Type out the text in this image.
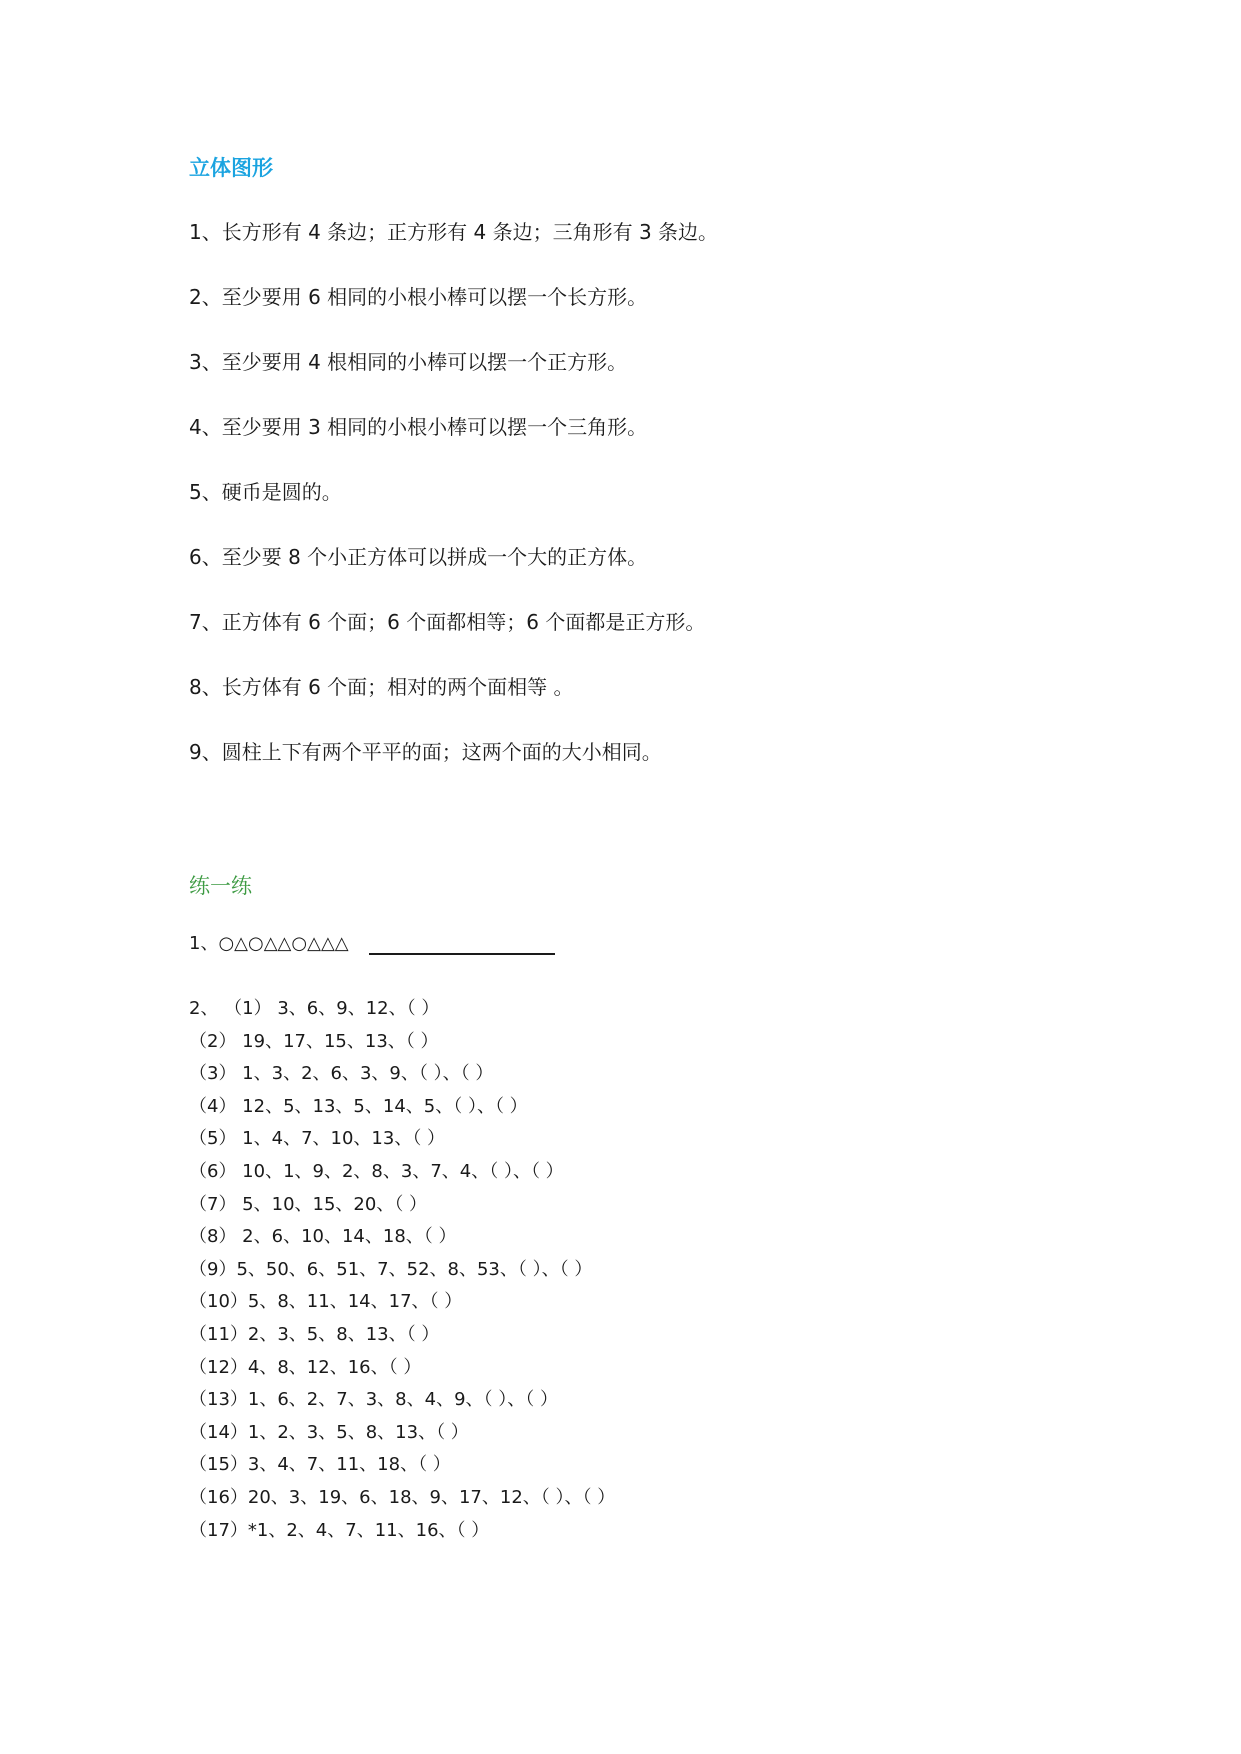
立体图形
1、长方形有 4 条边；正方形有 4 条边；三角形有 3 条边。
2、至少要用 6 相同的小根小棒可以摆一个长方形。
3、至少要用 4 根相同的小棒可以摆一个正方形。
4、至少要用 3 相同的小根小棒可以摆一个三角形。
5、硬币是圆的。
6、至少要 8 个小正方体可以拼成一个大的正方体。
7、正方体有 6 个面；6 个面都相等；6 个面都是正方形。
8、长方体有 6 个面；相对的两个面相等 。
9、圆柱上下有两个平平的面；这两个面的大小相同。
练一练
1、○△○△△○△△△
2、 （1） 3、6、9、12、（ ）
（2） 19、17、15、13、（ ）
（3） 1、3、2、6、3、9、（ ）、（ ）
（4） 12、5、13、5、14、5、（ ）、（ ）
（5） 1、4、7、10、13、（ ）
（6） 10、1、9、2、8、3、7、4、（ ）、（ ）
（7） 5、10、15、20、（ ）
（8） 2、6、10、14、18、（ ）
（9）5、50、6、51、7、52、8、53、（ ）、（ ）
（10）5、8、11、14、17、（ ）
（11）2、3、5、8、13、（ ）
（12）4、8、12、16、（ ）
（13）1、6、2、7、3、8、4、9、（ ）、（ ）
（14）1、2、3、5、8、13、（ ）
（15）3、4、7、11、18、（ ）
（16）20、3、19、6、18、9、17、12、（ ）、（ ）
（17）*1、2、4、7、11、16、（ ）
